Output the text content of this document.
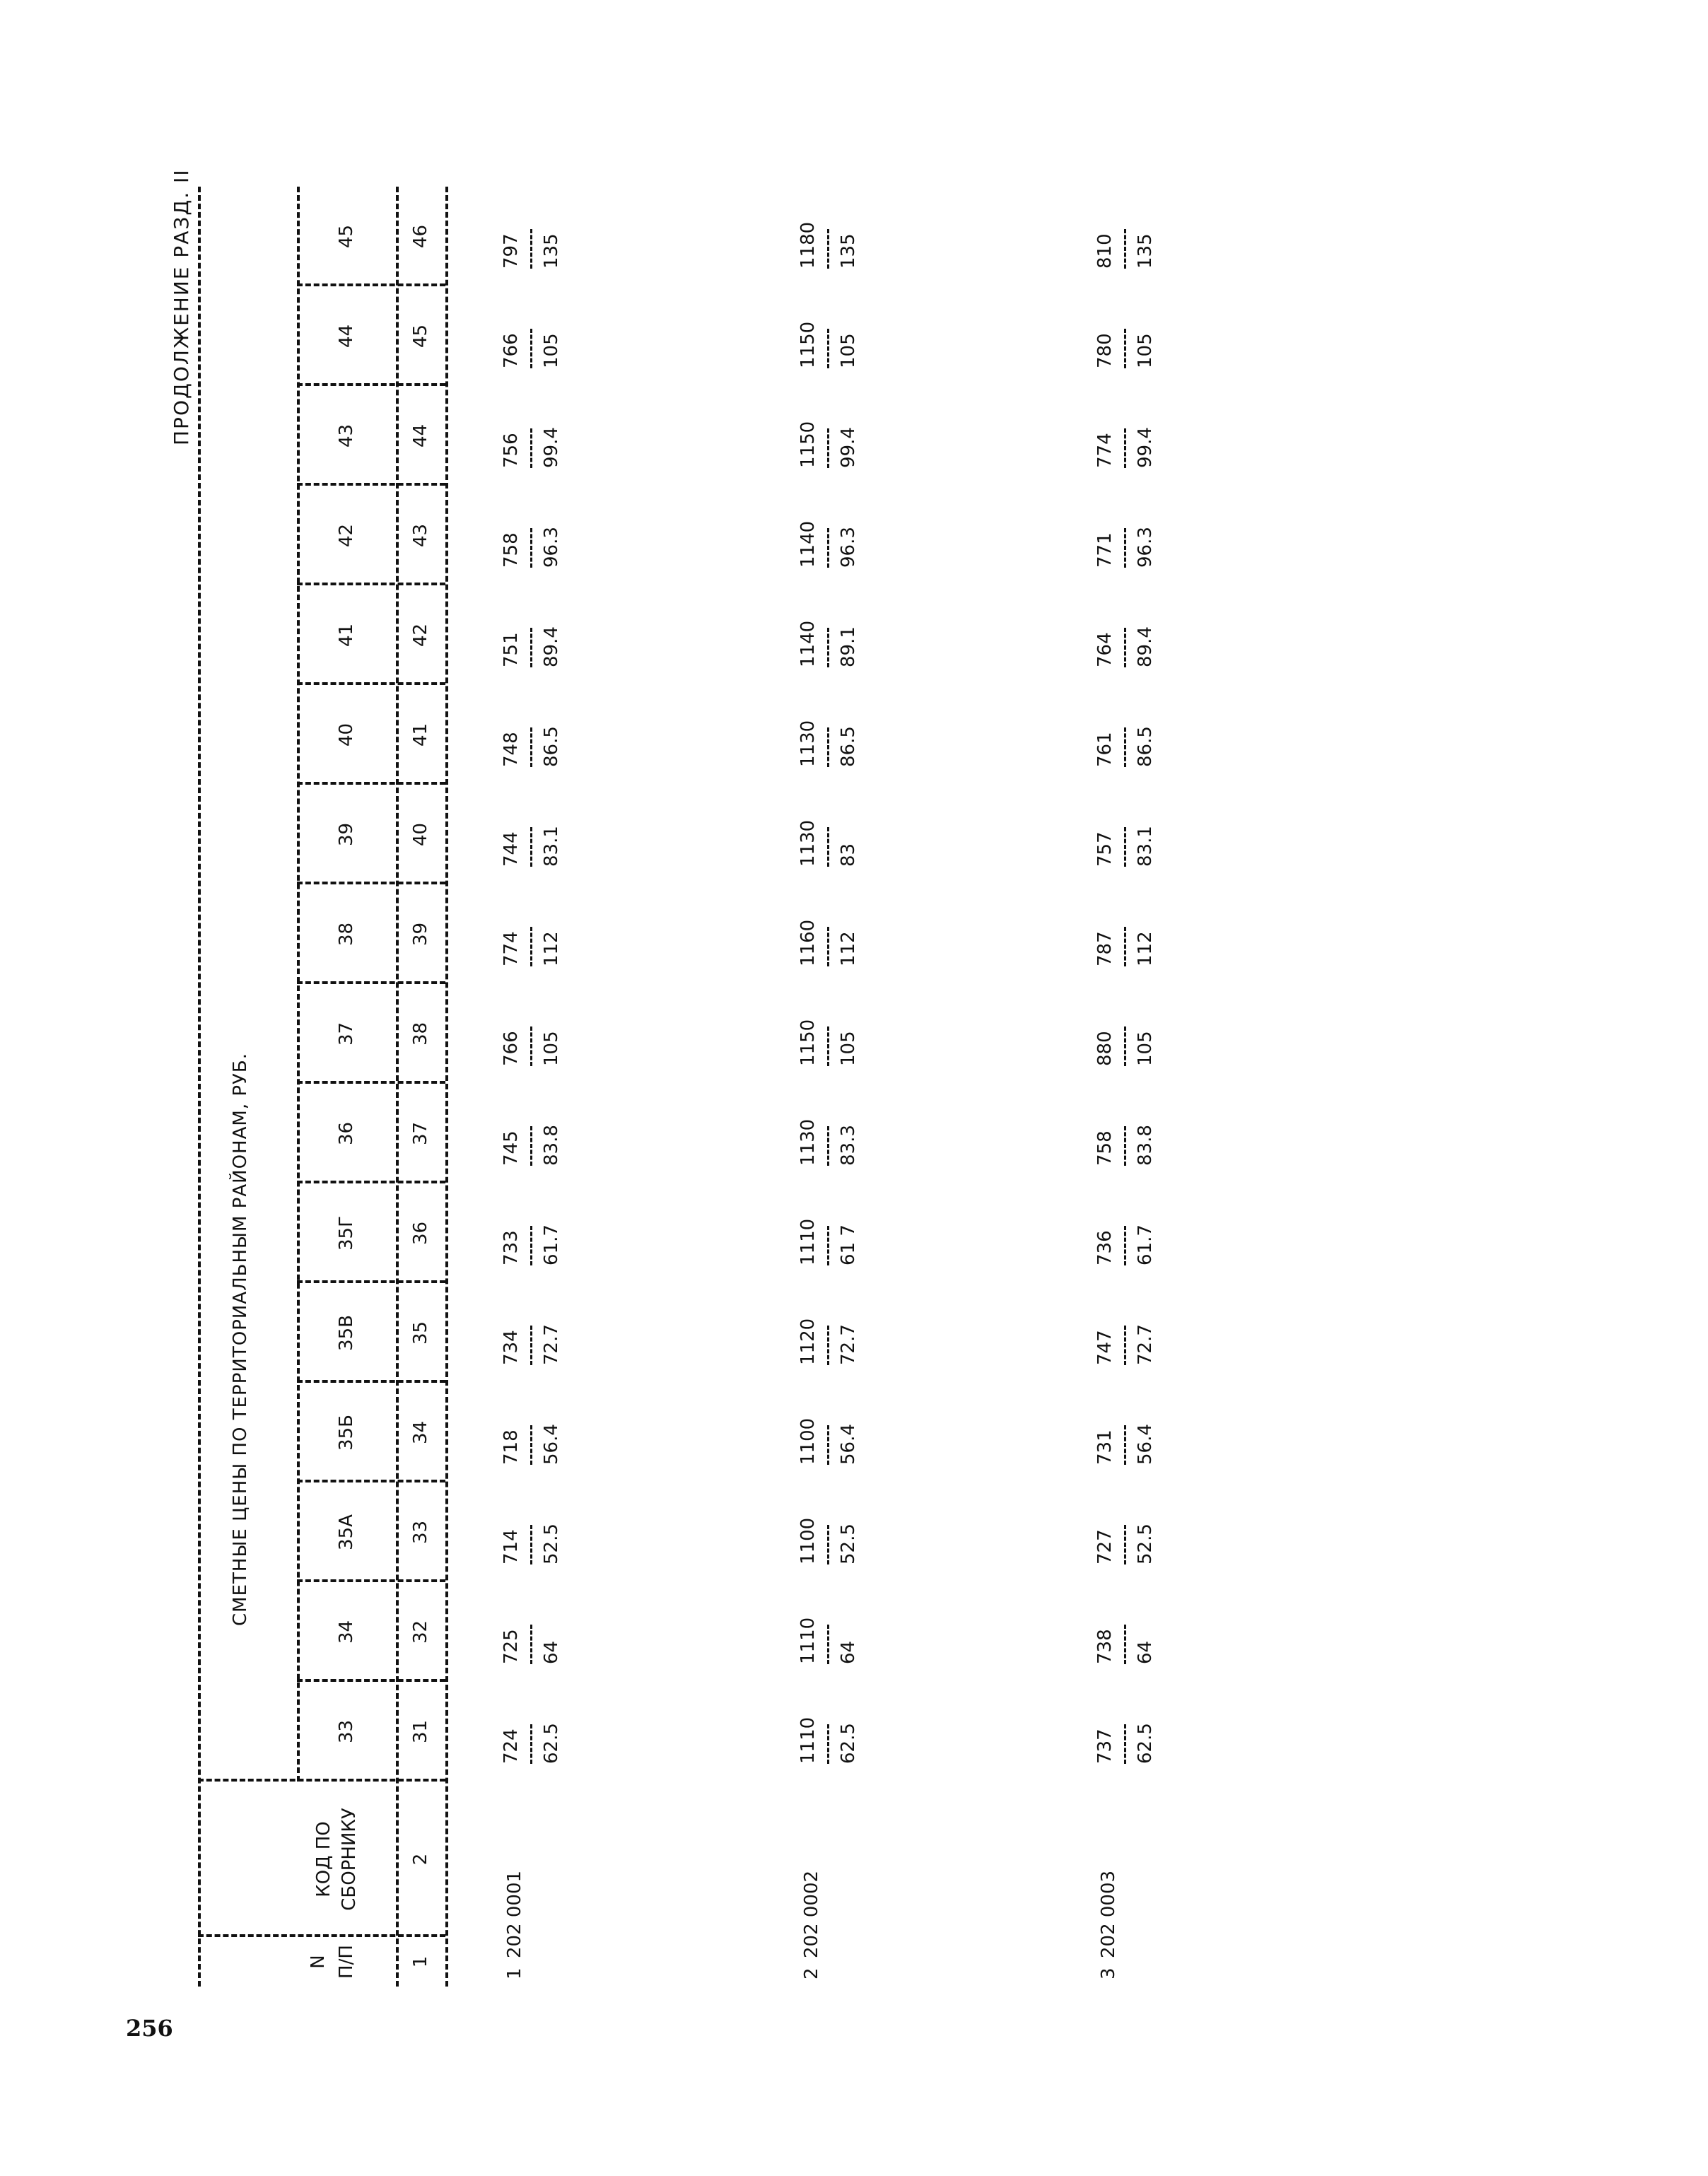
256
ПРОДОЛЖЕНИЕ РАЗД. II
N П/П
КОД ПО СБОРНИКУ
СМЕТНЫЕ ЦЕНЫ ПО ТЕРРИТОРИАЛЬНЫМ РАЙОНАМ, РУБ.
33
34
35А
35Б
35В
35Г
36
37
38
39
40
41
42
43
44
45
1
2
31
32
33
34
35
36
37
38
39
40
41
42
43
44
45
46
1
202 0001
724 62.5
725 64
714 52.5
718 56.4
734 72.7
733 61.7
745 83.8
766 105
774 112
744 83.1
748 86.5
751 89.4
758 96.3
756 99.4
766 105
797 135
2
202 0002
1110 62.5
1110 64
1100 52.5
1100 56.4
1120 72.7
1110 61 7
1130 83.3
1150 105
1160 112
1130 83
1130 86.5
1140 89.1
1140 96.3
1150 99.4
1150 105
1180 135
3
202 0003
737 62.5
738 64
727 52.5
731 56.4
747 72.7
736 61.7
758 83.8
880 105
787 112
757 83.1
761 86.5
764 89.4
771 96.3
774 99.4
780 105
810 135
